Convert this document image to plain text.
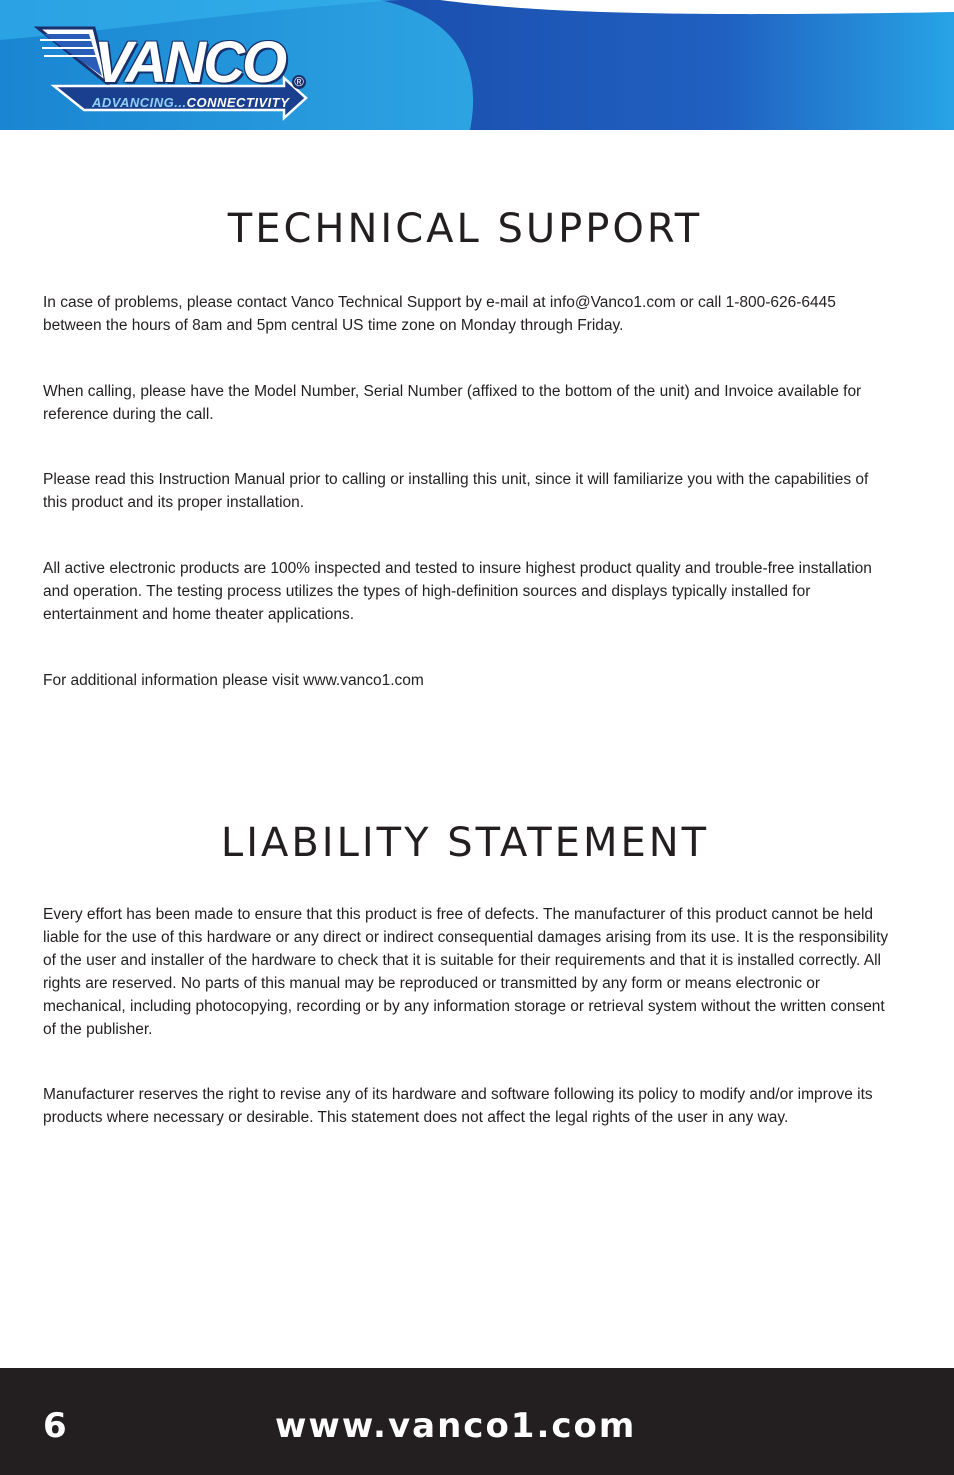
VANCO ®
ADVANCING...CONNECTIVITY
TECHNICAL SUPPORT

In case of problems, please contact Vanco Technical Support by e-mail at info@Vanco1.com or call 1-800-626-6445 between the hours of 8am and 5pm central US time zone on Monday through Friday.

When calling, please have the Model Number, Serial Number (affixed to the bottom of the unit) and Invoice available for reference during the call.

Please read this Instruction Manual prior to calling or installing this unit, since it will familiarize you with the capabilities of this product and its proper installation.

All active electronic products are 100% inspected and tested to insure highest product quality and trouble-free installation and operation. The testing process utilizes the types of high-definition sources and displays typically installed for entertainment and home theater applications.

For additional information please visit www.vanco1.com

LIABILITY STATEMENT

Every effort has been made to ensure that this product is free of defects. The manufacturer of this product cannot be held liable for the use of this hardware or any direct or indirect consequential damages arising from its use. It is the responsibility of the user and installer of the hardware to check that it is suitable for their requirements and that it is installed correctly. All rights are reserved. No parts of this manual may be reproduced or transmitted by any form or means electronic or mechanical, including photocopying, recording or by any information storage or retrieval system without the written consent of the publisher.

Manufacturer reserves the right to revise any of its hardware and software following its policy to modify and/or improve its products where necessary or desirable. This statement does not affect the legal rights of the user in any way.

6	www.vanco1.com
